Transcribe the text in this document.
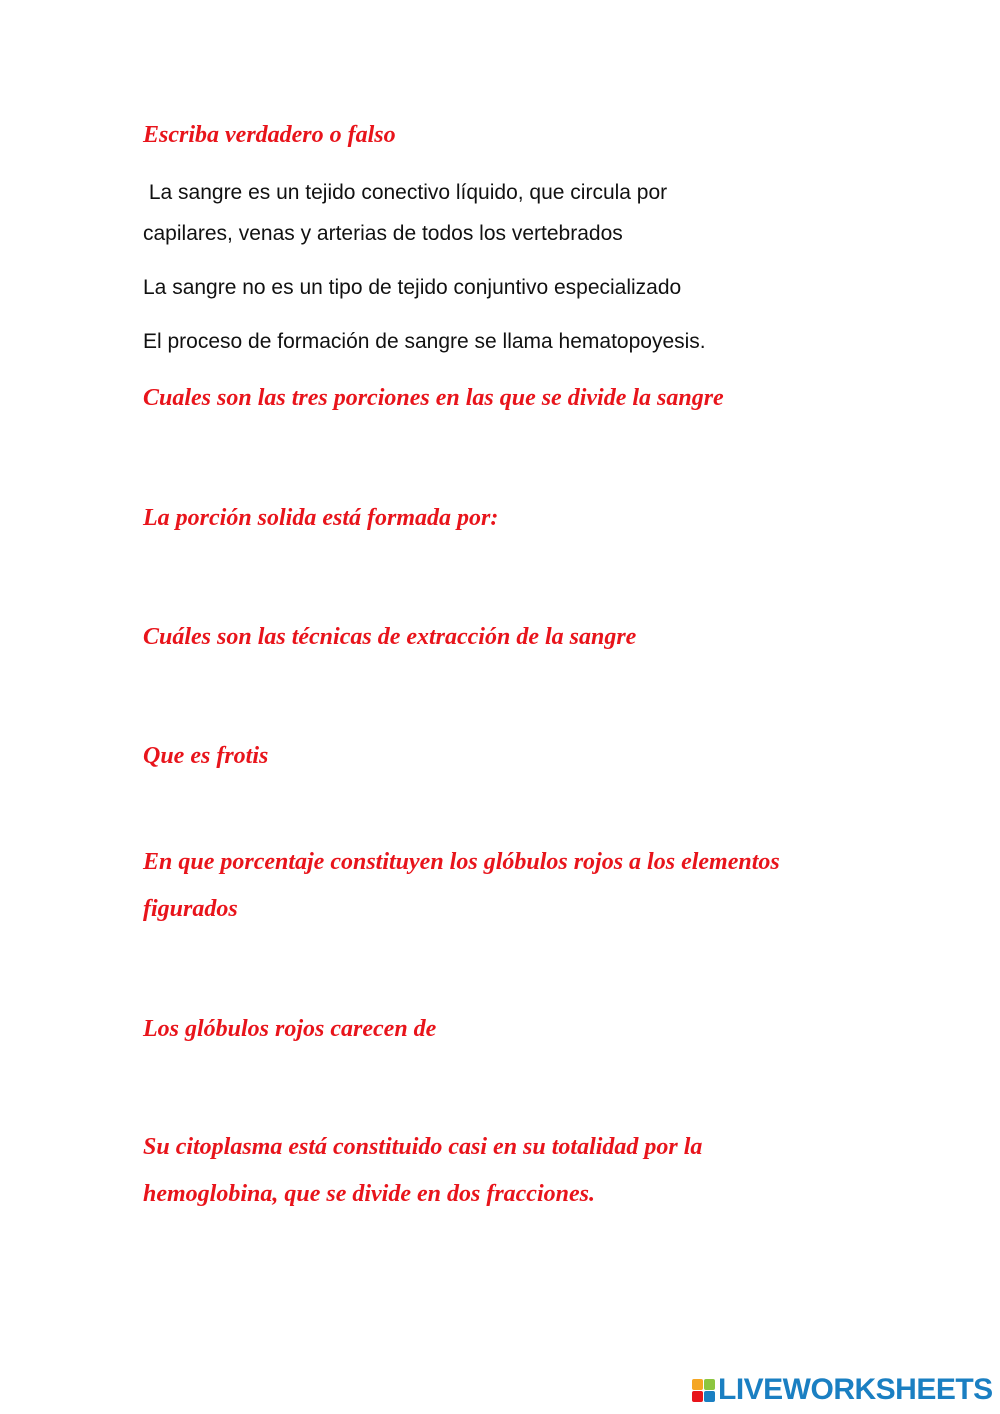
Escriba verdadero o falso
La sangre es un tejido conectivo líquido, que circula por
capilares, venas y arterias de todos los vertebrados
La sangre no es un tipo de tejido conjuntivo especializado
El proceso de formación de sangre se llama hematopoyesis.
Cuales son las tres porciones en las que se divide la sangre
La porción solida está formada por:
Cuáles son las técnicas de extracción de la sangre
Que es frotis
En que porcentaje constituyen los glóbulos rojos a los elementos
figurados
Los glóbulos rojos carecen de
Su citoplasma está constituido casi en su totalidad por la
hemoglobina, que se divide en dos fracciones.
LIVEWORKSHEETS
